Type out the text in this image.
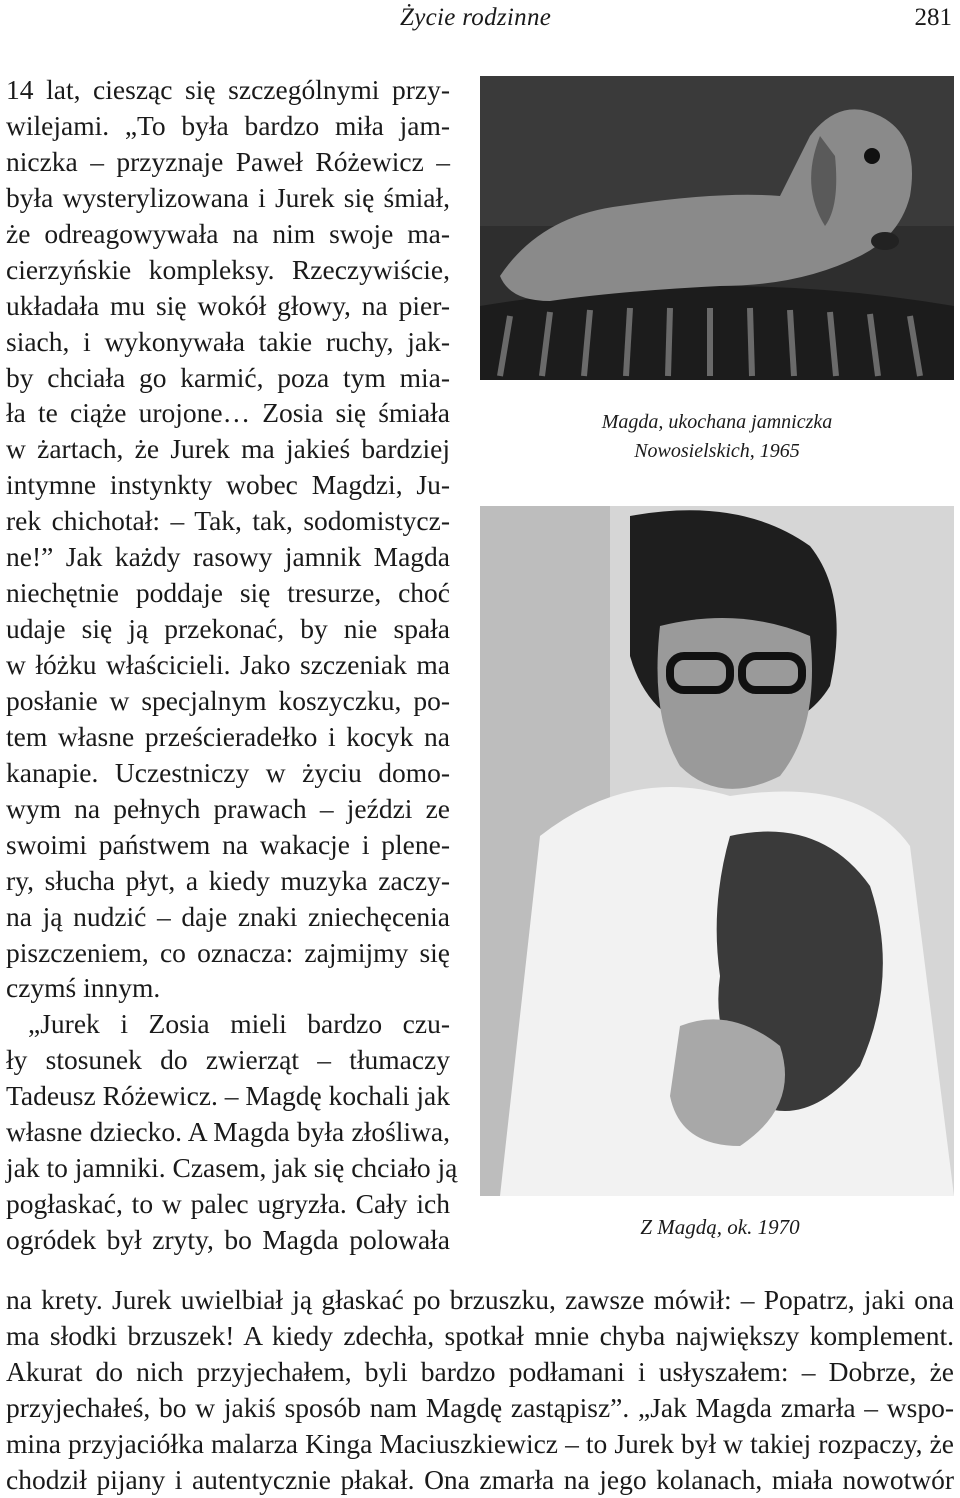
Życie rodzinne	281
14 lat, ciesząc się szczególnymi przy-
wilejami. „To była bardzo miła jam-
niczka – przyznaje Paweł Różewicz –
była wysterylizowana i Jurek się śmiał,
że odreagowywała na nim swoje ma-
cierzyńskie kompleksy. Rzeczywiście,
układała mu się wokół głowy, na pier-
siach, i wykonywała takie ruchy, jak-
by chciała go karmić, poza tym mia-
ła te ciąże urojone… Zosia się śmiała
w żartach, że Jurek ma jakieś bardziej
intymne instynkty wobec Magdzi, Ju-
rek chichotał: – Tak, tak, sodomistycz-
ne!” Jak każdy rasowy jamnik Magda
niechętnie poddaje się tresurze, choć
udaje się ją przekonać, by nie spała
w łóżku właścicieli. Jako szczeniak ma
posłanie w specjalnym koszyczku, po-
tem własne prześcieradełko i kocyk na
kanapie. Uczestniczy w życiu domo-
wym na pełnych prawach – jeździ ze
swoimi państwem na wakacje i plene-
ry, słucha płyt, a kiedy muzyka zaczy-
na ją nudzić – daje znaki zniechęcenia
piszczeniem, co oznacza: zajmijmy się
czymś innym.
„Jurek i Zosia mieli bardzo czu-
ły stosunek do zwierząt – tłumaczy
Tadeusz Różewicz. – Magdę kochali jak
własne dziecko. A Magda była złośliwa,
jak to jamniki. Czasem, jak się chciało ją
pogłaskać, to w palec ugryzła. Cały ich
ogródek był zryty, bo Magda polowała
Magda, ukochana jamniczka
Nowosielskich, 1965
Z Magdą, ok. 1970
na krety. Jurek uwielbiał ją głaskać po brzuszku, zawsze mówił: – Popatrz, jaki ona
ma słodki brzuszek! A kiedy zdechła, spotkał mnie chyba największy komplement.
Akurat do nich przyjechałem, byli bardzo podłamani i usłyszałem: – Dobrze, że
przyjechałeś, bo w jakiś sposób nam Magdę zastąpisz”. „Jak Magda zmarła – wspo-
mina przyjaciółka malarza Kinga Maciuszkiewicz – to Jurek był w takiej rozpaczy, że
chodził pijany i autentycznie płakał. Ona zmarła na jego kolanach, miała nowotwór
